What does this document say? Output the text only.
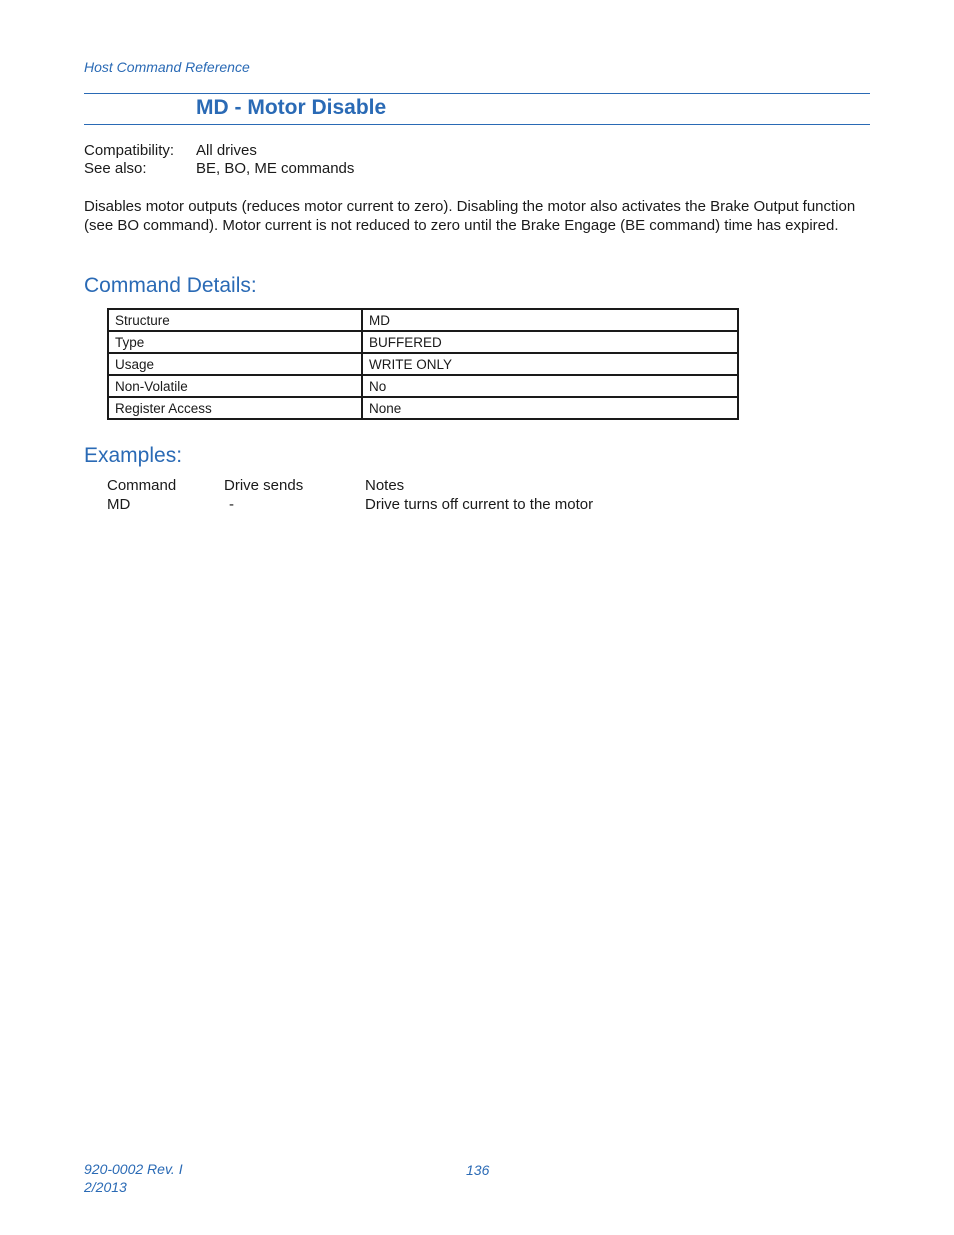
Host Command Reference
MD - Motor Disable
Compatibility:	All drives
See also:	BE, BO, ME commands

Disables motor outputs (reduces motor current to zero). Disabling the motor also activates the Brake Output function (see BO command). Motor current is not reduced to zero until the Brake Engage (BE command) time has expired.

Command Details:
Structure	MD
Type	BUFFERED
Usage	WRITE ONLY
Non-Volatile	No
Register Access	None
Examples:
Command	Drive sends	Notes
MD	-	Drive turns off current to the motor
920-0002 Rev. I
2/2013
136
